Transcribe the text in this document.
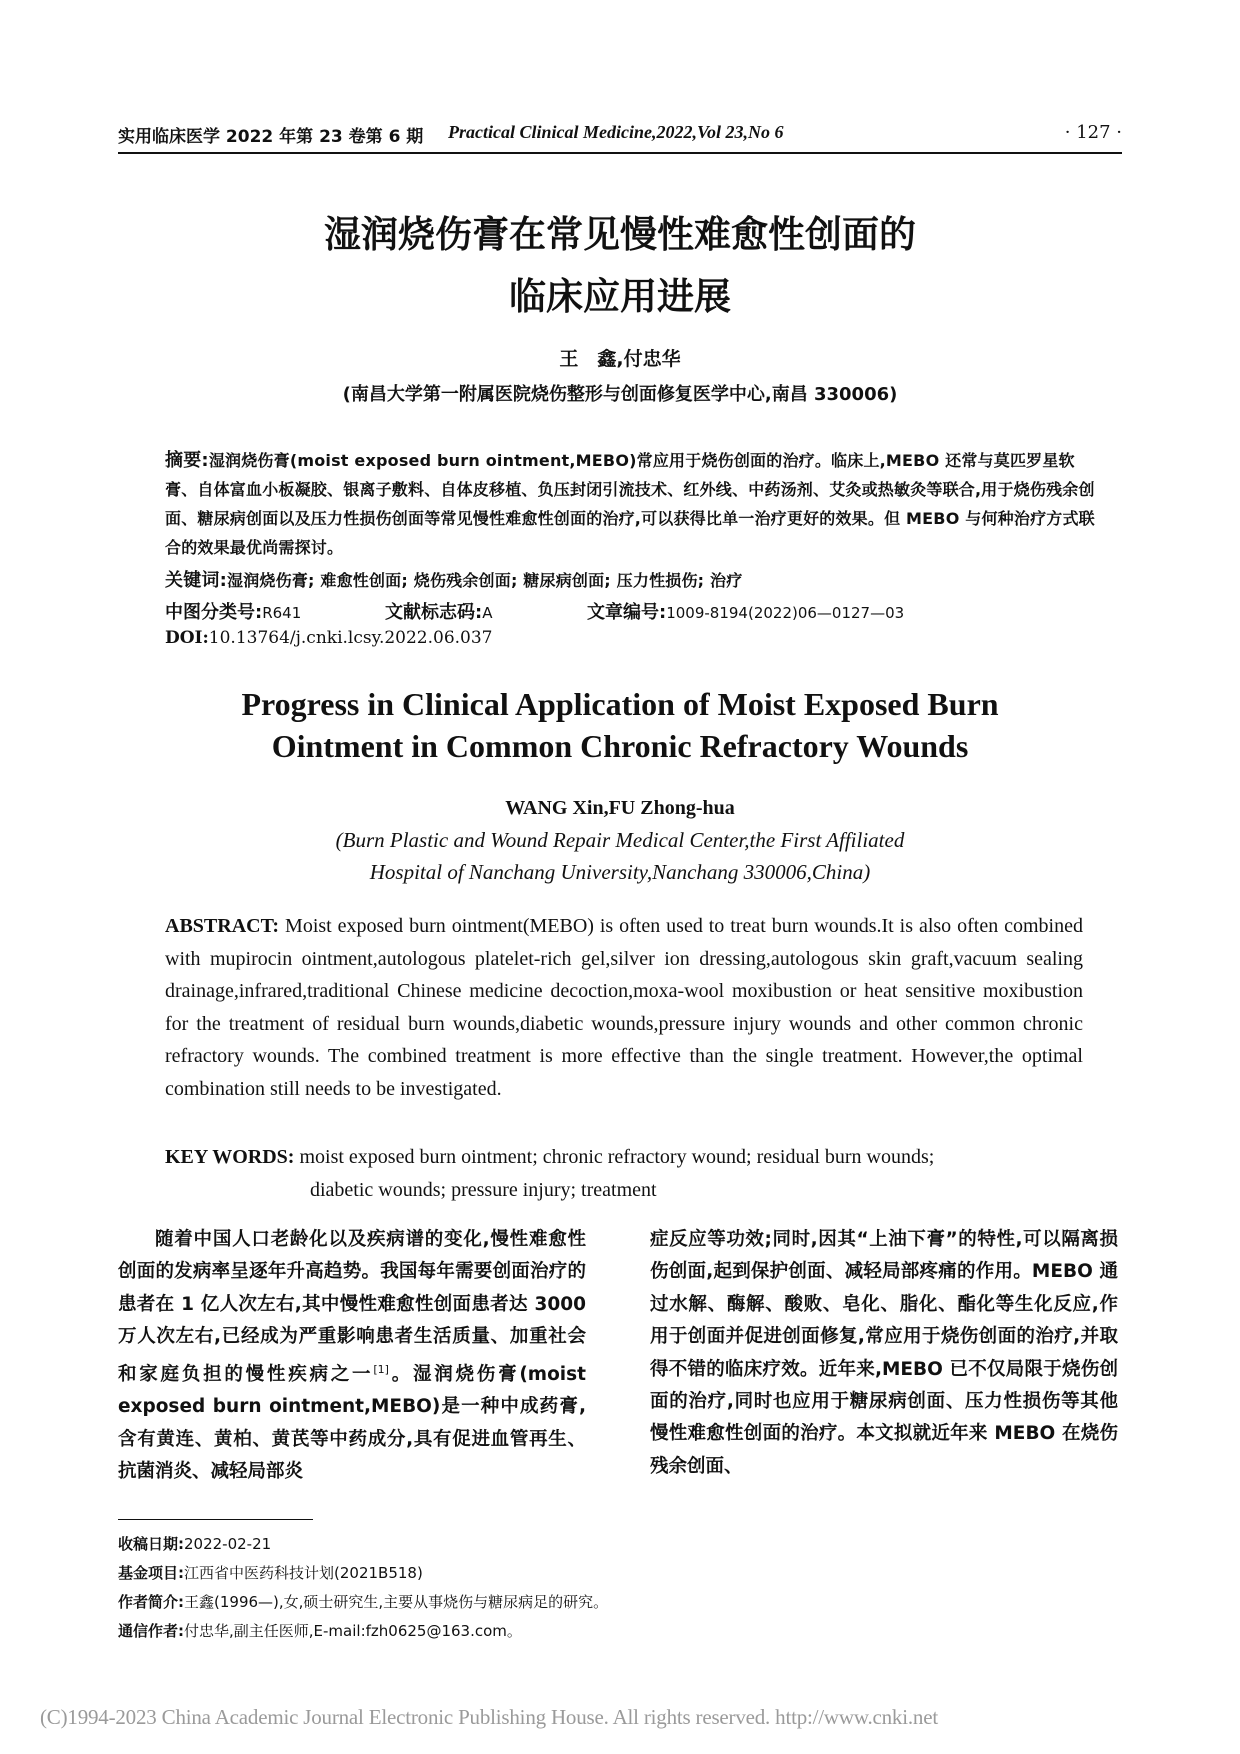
实用临床医学 2022 年第 23 卷第 6 期 Practical Clinical Medicine,2022,Vol 23,No 6	· 127 ·
湿润烧伤膏在常见慢性难愈性创面的
临床应用进展
王　鑫,付忠华
(南昌大学第一附属医院烧伤整形与创面修复医学中心,南昌 330006)
摘要:湿润烧伤膏(moist exposed burn ointment,MEBO)常应用于烧伤创面的治疗。临床上,MEBO 还常与莫匹罗星软膏、自体富血小板凝胶、银离子敷料、自体皮移植、负压封闭引流技术、红外线、中药汤剂、艾灸或热敏灸等联合,用于烧伤残余创面、糖尿病创面以及压力性损伤创面等常见慢性难愈性创面的治疗,可以获得比单一治疗更好的效果。但 MEBO 与何种治疗方式联合的效果最优尚需探讨。
关键词:湿润烧伤膏; 难愈性创面; 烧伤残余创面; 糖尿病创面; 压力性损伤; 治疗
中图分类号:R641	文献标志码:A	文章编号:1009-8194(2022)06—0127—03
DOI:10.13764/j.cnki.lcsy.2022.06.037
Progress in Clinical Application of Moist Exposed Burn
Ointment in Common Chronic Refractory Wounds
WANG Xin,FU Zhong-hua
(Burn Plastic and Wound Repair Medical Center,the First Affiliated
Hospital of Nanchang University,Nanchang 330006,China)
ABSTRACT: Moist exposed burn ointment(MEBO) is often used to treat burn wounds.It is also often combined with mupirocin ointment,autologous platelet-rich gel,silver ion dressing,autologous skin graft,vacuum sealing drainage,infrared,traditional Chinese medicine decoction,moxa-wool moxibustion or heat sensitive moxibustion for the treatment of residual burn wounds,diabetic wounds,pressure injury wounds and other common chronic refractory wounds. The combined treatment is more effective than the single treatment. However,the optimal combination still needs to be investigated.
KEY WORDS: moist exposed burn ointment; chronic refractory wound; residual burn wounds;
diabetic wounds; pressure injury; treatment
随着中国人口老龄化以及疾病谱的变化,慢性难愈性创面的发病率呈逐年升高趋势。我国每年需要创面治疗的患者在 1 亿人次左右,其中慢性难愈性创面患者达 3000 万人次左右,已经成为严重影响患者生活质量、加重社会和家庭负担的慢性疾病之一[1]。湿润烧伤膏(moist exposed burn ointment,MEBO)是一种中成药膏,含有黄连、黄柏、黄芪等中药成分,具有促进血管再生、抗菌消炎、减轻局部炎
症反应等功效;同时,因其“上油下膏”的特性,可以隔离损伤创面,起到保护创面、减轻局部疼痛的作用。MEBO 通过水解、酶解、酸败、皂化、脂化、酯化等生化反应,作用于创面并促进创面修复,常应用于烧伤创面的治疗,并取得不错的临床疗效。近年来,MEBO 已不仅局限于烧伤创面的治疗,同时也应用于糖尿病创面、压力性损伤等其他慢性难愈性创面的治疗。本文拟就近年来 MEBO 在烧伤残余创面、
收稿日期:2022-02-21
基金项目:江西省中医药科技计划(2021B518)
作者简介:王鑫(1996—),女,硕士研究生,主要从事烧伤与糖尿病足的研究。
通信作者:付忠华,副主任医师,E-mail:fzh0625@163.com。
(C)1994-2023 China Academic Journal Electronic Publishing House. All rights reserved. http://www.cnki.net
